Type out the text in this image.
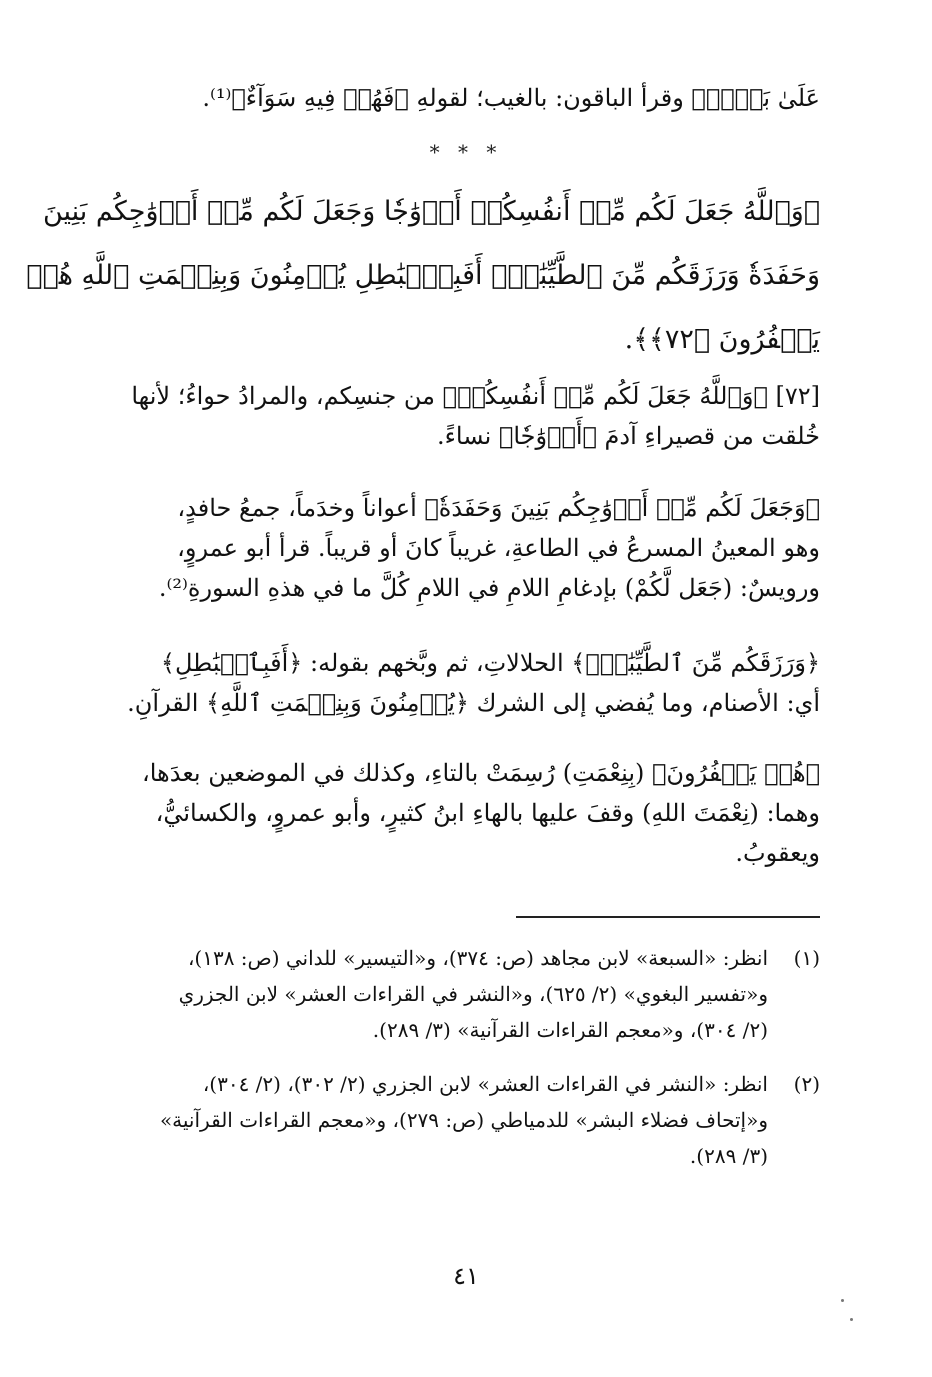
عَلَىٰ بَعۡضٖ﴾ وقرأ الباقون: بالغيب؛ لقولهِ ﴿فَهُمۡ فِيهِ سَوَآءٌ﴾⁽¹⁾.
* * *
﴿وَٱللَّهُ جَعَلَ لَكُم مِّنۡ أَنفُسِكُمۡ أَزۡوَٰجٗا وَجَعَلَ لَكُم مِّنۡ أَزۡوَٰجِكُم بَنِينَ
وَحَفَدَةٗ وَرَزَقَكُم مِّنَ ٱلطَّيِّبَٰتِۚ أَفَبِٱلۡبَٰطِلِ يُؤۡمِنُونَ وَبِنِعۡمَتِ ٱللَّهِ هُمۡ
يَكۡفُرُونَ ﴿٧٢﴾﴾.
[٧٢] ﴿وَٱللَّهُ جَعَلَ لَكُم مِّنۡ أَنفُسِكُمۡ﴾ من جنسِكم، والمرادُ حواءُ؛ لأنها
خُلقت من قصيراءِ آدمَ ﴿أَزۡوَٰجٗا﴾ نساءً.
﴿وَجَعَلَ لَكُم مِّنۡ أَزۡوَٰجِكُم بَنِينَ وَحَفَدَةٗ﴾ أعواناً وخدَماً، جمعُ حافدٍ،
وهو المعينُ المسرعُ في الطاعةِ، غريباً كانَ أو قريباً. قرأ أبو عمروٍ،
ورويسٌ: (جَعَل لَّكُمْ) بإدغامِ اللامِ في اللامِ كُلَّ ما في هذهِ السورةِ⁽²⁾.
﴿وَرَزَقَكُم مِّنَ ٱلطَّيِّبَٰتِۚ﴾ الحلالاتِ، ثم وبَّخهم بقوله: ﴿أَفَبِٱلۡبَٰطِلِ﴾
أي: الأصنام، وما يُفضي إلى الشرك ﴿يُؤۡمِنُونَ وَبِنِعۡمَتِ ٱللَّهِ﴾ القرآنِ.
﴿هُمۡ يَكۡفُرُونَ﴾ (بِنِعْمَتِ) رُسِمَتْ بالتاءِ، وكذلك في الموضعين بعدَها،
وهما: (نِعْمَتَ اللهِ) وقفَ عليها بالهاءِ ابنُ كثيرٍ، وأبو عمروٍ، والكسائيُّ،
ويعقوبُ.
(١)
انظر: «السبعة» لابن مجاهد (ص: ٣٧٤)، و«التيسير» للداني (ص: ١٣٨)،
و«تفسير البغوي» (٢/ ٦٢٥)، و«النشر في القراءات العشر» لابن الجزري
(٢/ ٣٠٤)، و«معجم القراءات القرآنية» (٣/ ٢٨٩).
(٢)
انظر: «النشر في القراءات العشر» لابن الجزري (٢/ ٣٠٢)، (٢/ ٣٠٤)،
و«إتحاف فضلاء البشر» للدمياطي (ص: ٢٧٩)، و«معجم القراءات القرآنية»
(٣/ ٢٨٩).
٤١
